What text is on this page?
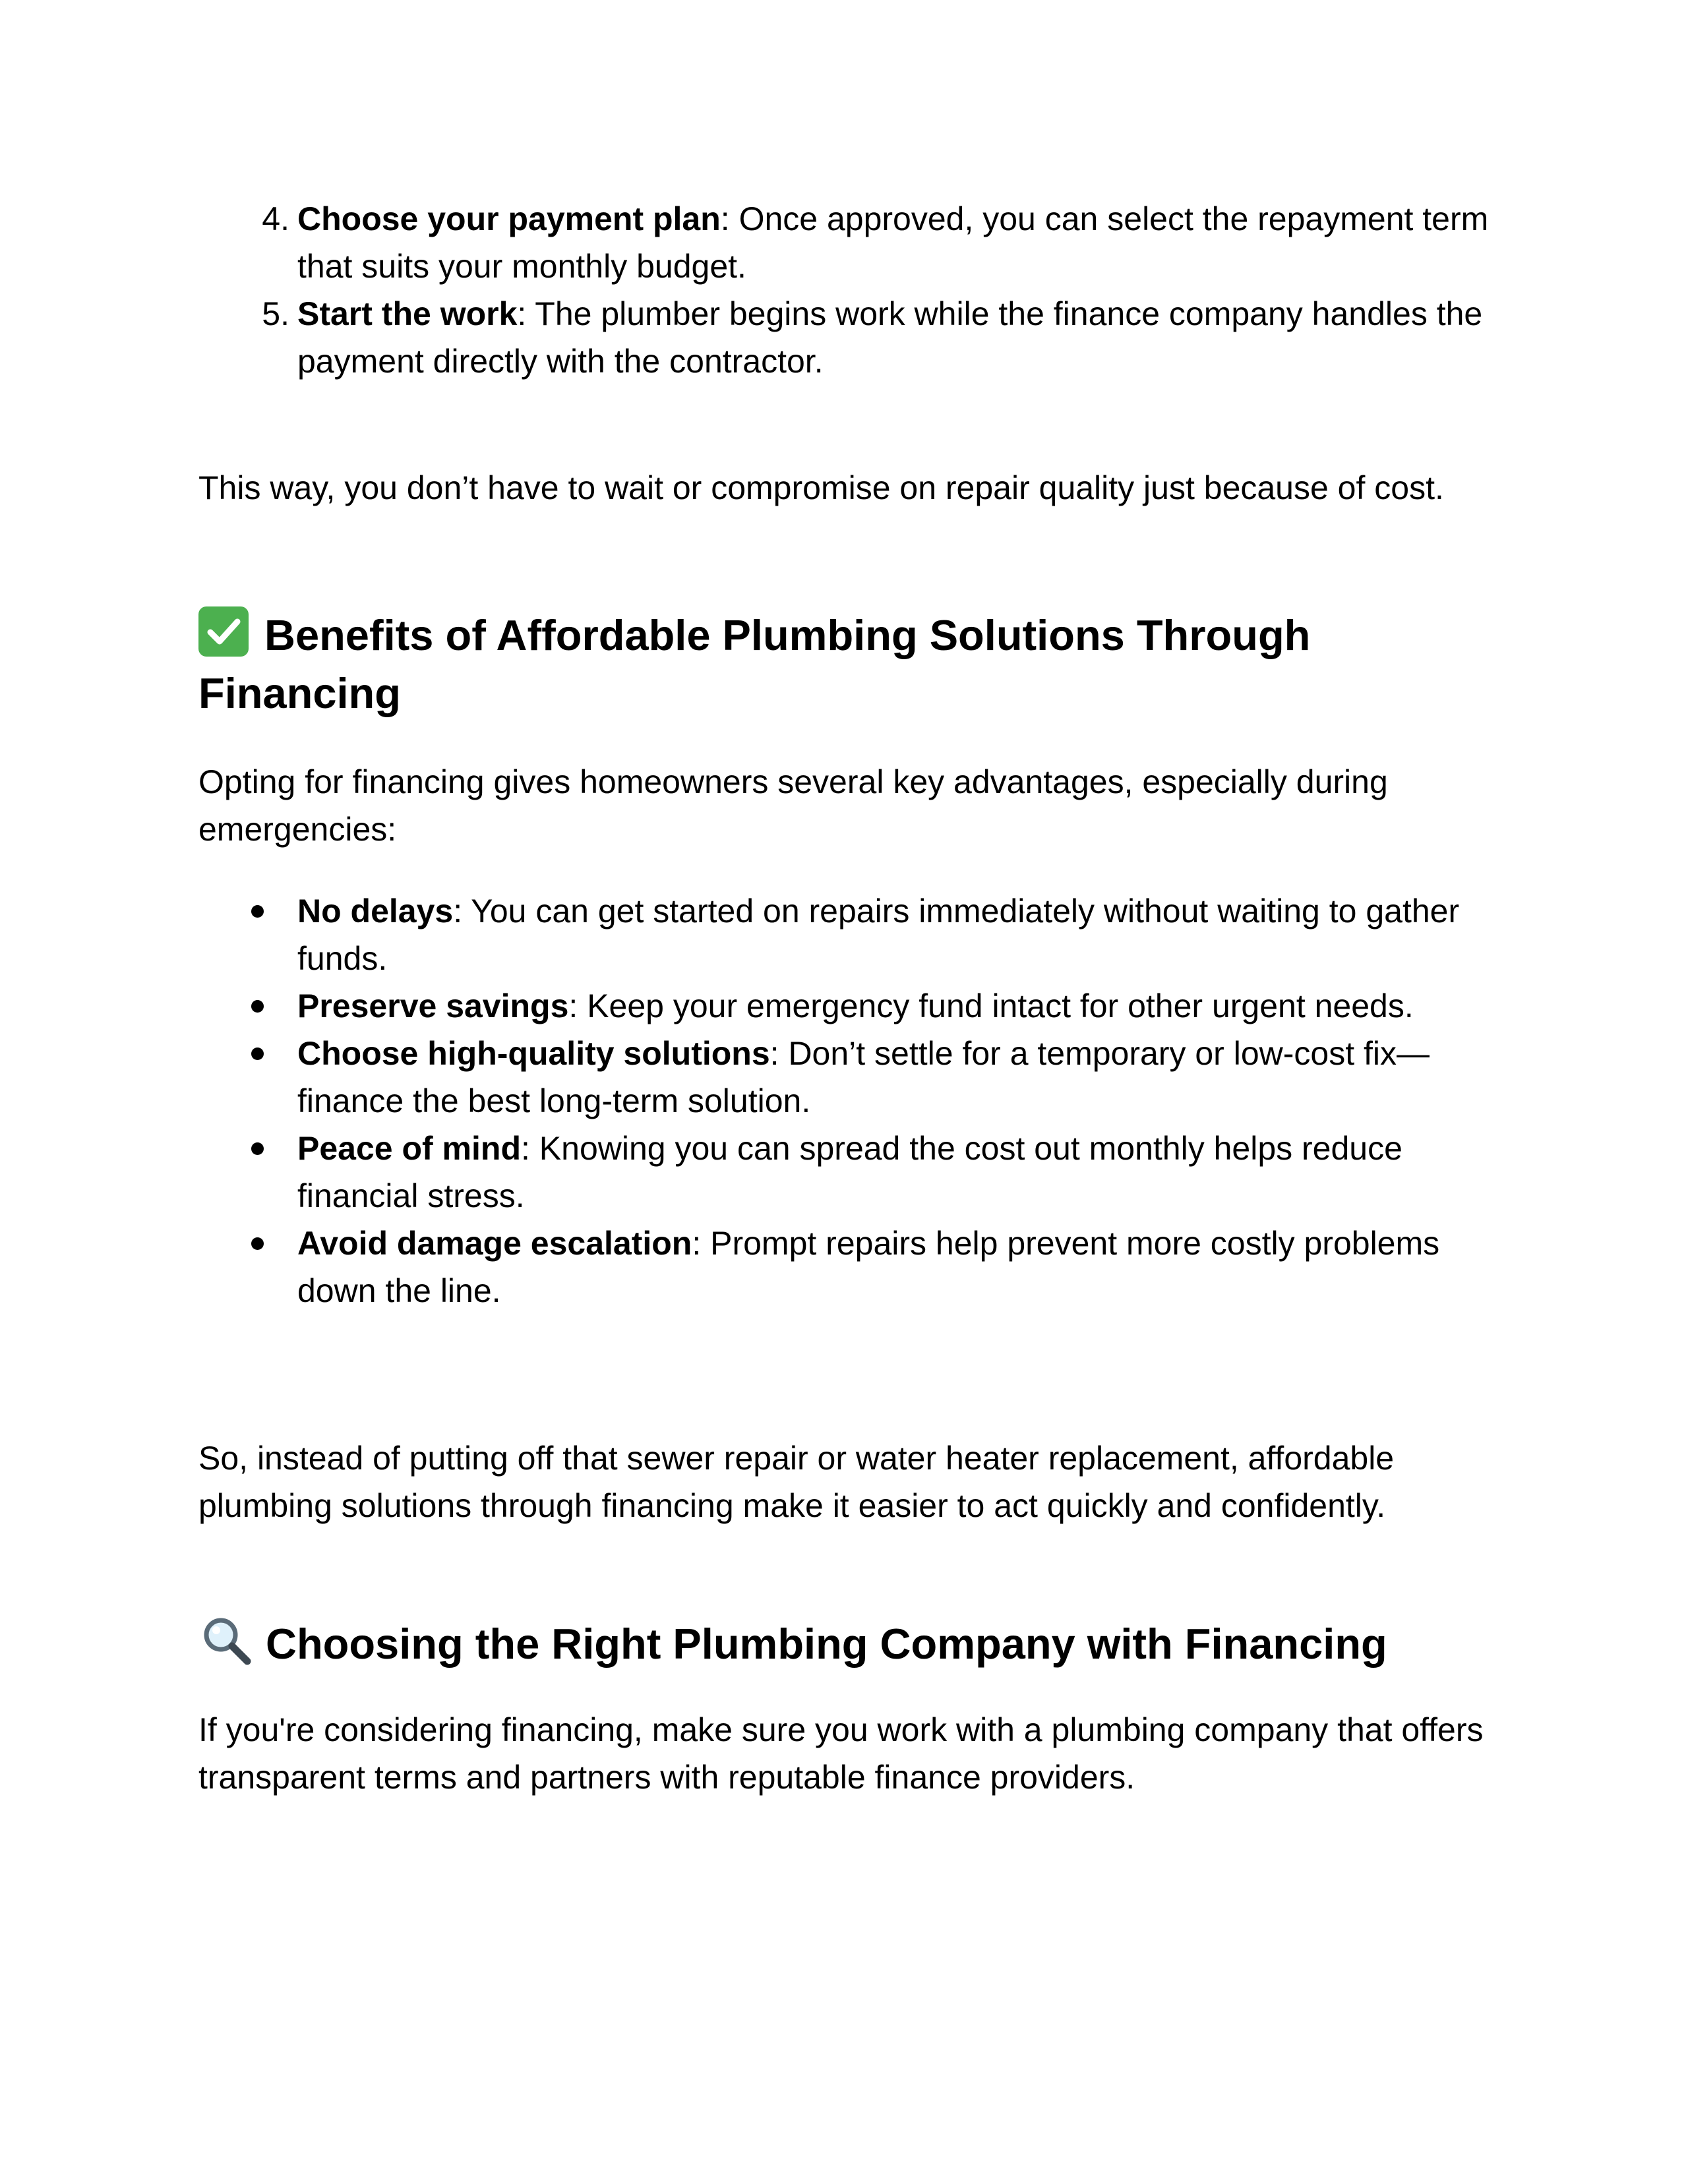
4. Choose your payment plan: Once approved, you can select the repayment term that suits your monthly budget.
5. Start the work: The plumber begins work while the finance company handles the payment directly with the contractor.

This way, you don’t have to wait or compromise on repair quality just because of cost.

Benefits of Affordable Plumbing Solutions Through Financing

Opting for financing gives homeowners several key advantages, especially during emergencies:

No delays: You can get started on repairs immediately without waiting to gather funds.
Preserve savings: Keep your emergency fund intact for other urgent needs.
Choose high-quality solutions: Don’t settle for a temporary or low-cost fix—finance the best long-term solution.
Peace of mind: Knowing you can spread the cost out monthly helps reduce financial stress.
Avoid damage escalation: Prompt repairs help prevent more costly problems down the line.

So, instead of putting off that sewer repair or water heater replacement, affordable plumbing solutions through financing make it easier to act quickly and confidently.

Choosing the Right Plumbing Company with Financing

If you're considering financing, make sure you work with a plumbing company that offers transparent terms and partners with reputable finance providers.
